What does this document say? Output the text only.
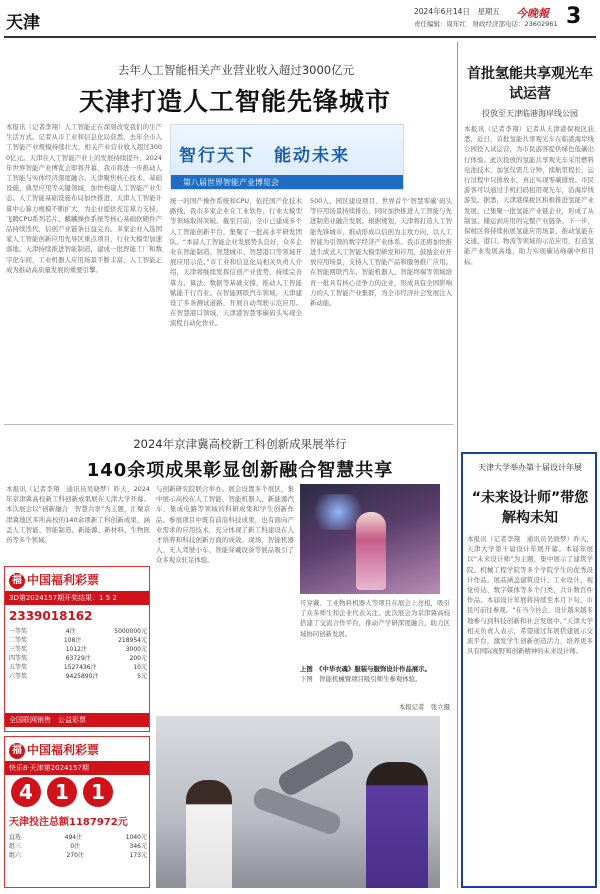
天津
2024年6月14日　星期五 今晚報
责任编辑：周年红　财政经济部电话：23602961 3
去年人工智能相关产业营业收入超过3000亿元
天津打造人工智能先锋城市
智行天下　能动未来
第八届世界智能产业博览会
本报讯（记者李翔）人工智能正在深刻改变我们的生产生活方式。记者从市工业和信息化局获悉，去年全市人工智能产业规模持续壮大，相关产业营业收入超过3000亿元。天津在人工智能产业上的发展持续提升，2024年世界智能产业博览会即将开幕，我市将进一步推动人工智能与实体经济深度融合。天津聚焦核心技术、基础设施、典型应用等关键领域，加快构建人工智能产业生态。人工智能基础设施布局加快推进，天津人工智能计算中心算力规模不断扩大，为企业提供充足算力支持。飞腾CPU系列芯片、麒麟操作系统等核心基础软硬件产品持续迭代，信创产业链条日益完善。多家企业入选国家人工智能创新应用先导区重点项目，行业大模型加速落地。天津持续推进智能制造，建成一批智能工厂和数字化车间，工业机器人应用场景不断丰富，人工智能正成为推动高质量发展的重要引擎。
统一的国产操作系统和CPU，依托国产化技术路线，我市多家企业在工业软件、行业大模型等领域取得突破。截至目前，全市已建成多个人工智能创新平台，集聚了一批高水平研发团队。“本届人工智能企业发展势头良好，众多企业在智能制造、智慧城市、智慧港口等领域开展应用示范。”市工业和信息化局相关负责人介绍，天津将继续发挥信创产业优势，持续完善算力、算法、数据等基础支撑，推动人工智能赋能千行百业。在智能网联汽车领域，天津建设了多条测试道路，开展自动驾驶示范应用。在智慧港口领域，天津港智慧零碳码头实现全流程自动化作业。
500人、园区建设项目、世界首个‘智慧零碳’码头等应用场景持续推出，同时加快推进人工智能与先进制造业融合发展。根据规划，天津将打造人工智能先锋城市，推动形成以信创为主攻方向，以人工智能为引领的数字经济产业体系。我市还将加快推进生成式人工智能大模型研发和应用，鼓励企业开放应用场景，支持人工智能产品和服务推广应用。在智能网联汽车、智能机器人、智能终端等领域培育一批具有核心竞争力的企业，形成具有全国影响力的人工智能产业集群，为全市经济社会发展注入新动能。
2024年京津冀高校新工科创新成果展举行
140余项成果彰显创新融合智慧共享
本报讯（记者李翔　通讯员吴晓梦）昨天，2024年京津冀高校新工科创新成果展在天津大学开幕。本次展会以“创新融合　智慧共享”为主题，汇聚京津冀地区多所高校的140余项新工科创新成果，涵盖人工智能、智能制造、新能源、新材料、生物医药等多个领域。
与创新研究院联合举办。展会设置多个展区，集中展示高校在人工智能、智能机器人、新能源汽车、集成电路等领域的科研成果和学生创新作品。参展项目中既有前沿科技成果，也有面向产业需求的应用技术，充分体现了新工科建设在人才培养和科技创新方面的成效。现场，智能机器人、无人驾驶小车、智能穿戴设备等展品吸引了众多观众驻足体验。
可穿戴、工业物料机器人等项目在展会上亮相，吸引了众多师生和企业代表关注。此次展会为京津冀高校搭建了交流合作平台，推动产学研深度融合，助力区域协同创新发展。
上图　《中华衣魂》服装与服饰设计作品展示。
下图　智能机械臂项目吸引师生参观体验。
本报记者　张立摄
福 中国福利彩票
3D第2024157期开奖结果：1 5 2
2339018162
一等奖	4注	5000000元
二等奖	108注	218954元
三等奖	1012注	3000元
四等奖	63729注	200元
五等奖	1527436注	10元
六等奖	9425890注	5元
全国联网销售　公益彩票
福 中国福利彩票
快乐8·天津第2024157期
4	1	1
天津投注总额1187972元
直选	494注	1040元
组三	0注	346元
组六	270注	173元
首批氢能共享观光车试运营
投放至天津临港海岸线公园
本报讯（记者李翔）记者从天津港保税区获悉，近日，首批氢能共享观光车在临港海岸线公园投入试运营，为市民游客提供绿色低碳出行体验。此次投放的氢能共享观光车采用燃料电池技术，加氢仅需几分钟，续航里程长，运行过程中只排放水，真正实现零碳排放。市民游客可以通过手机扫码租用观光车，沿海岸线游览。据悉，天津港保税区积极推进氢能产业发展，已集聚一批氢能产业链企业，形成了从制氢、储运到应用的完整产业链条。下一步，保税区将持续拓展氢能应用场景，推动氢能在交通、港口、物流等领域的示范应用，打造氢能产业发展高地，助力实现碳达峰碳中和目标。
天津大学举办第十届设计年展
“未来设计师”带您解构未知
本报讯（记者李翔　通讯员吴晓梦）昨天，天津大学第十届设计年展开幕。本届年展以“未来设计师”为主题，集中展示了建筑学院、机械工程学院等多个学院学生的优秀设计作品。展品涵盖建筑设计、工业设计、视觉传达、数字媒体等多个门类，共计数百件作品。本届设计年展将持续至本月下旬，市民可前往参观。“在当今社会，设计越来越多地参与到科技创新和社会发展中。”天津大学相关负责人表示，希望通过年展搭建展示交流平台，激发学生创新创造活力，培养更多具有国际视野和创新精神的未来设计师。
